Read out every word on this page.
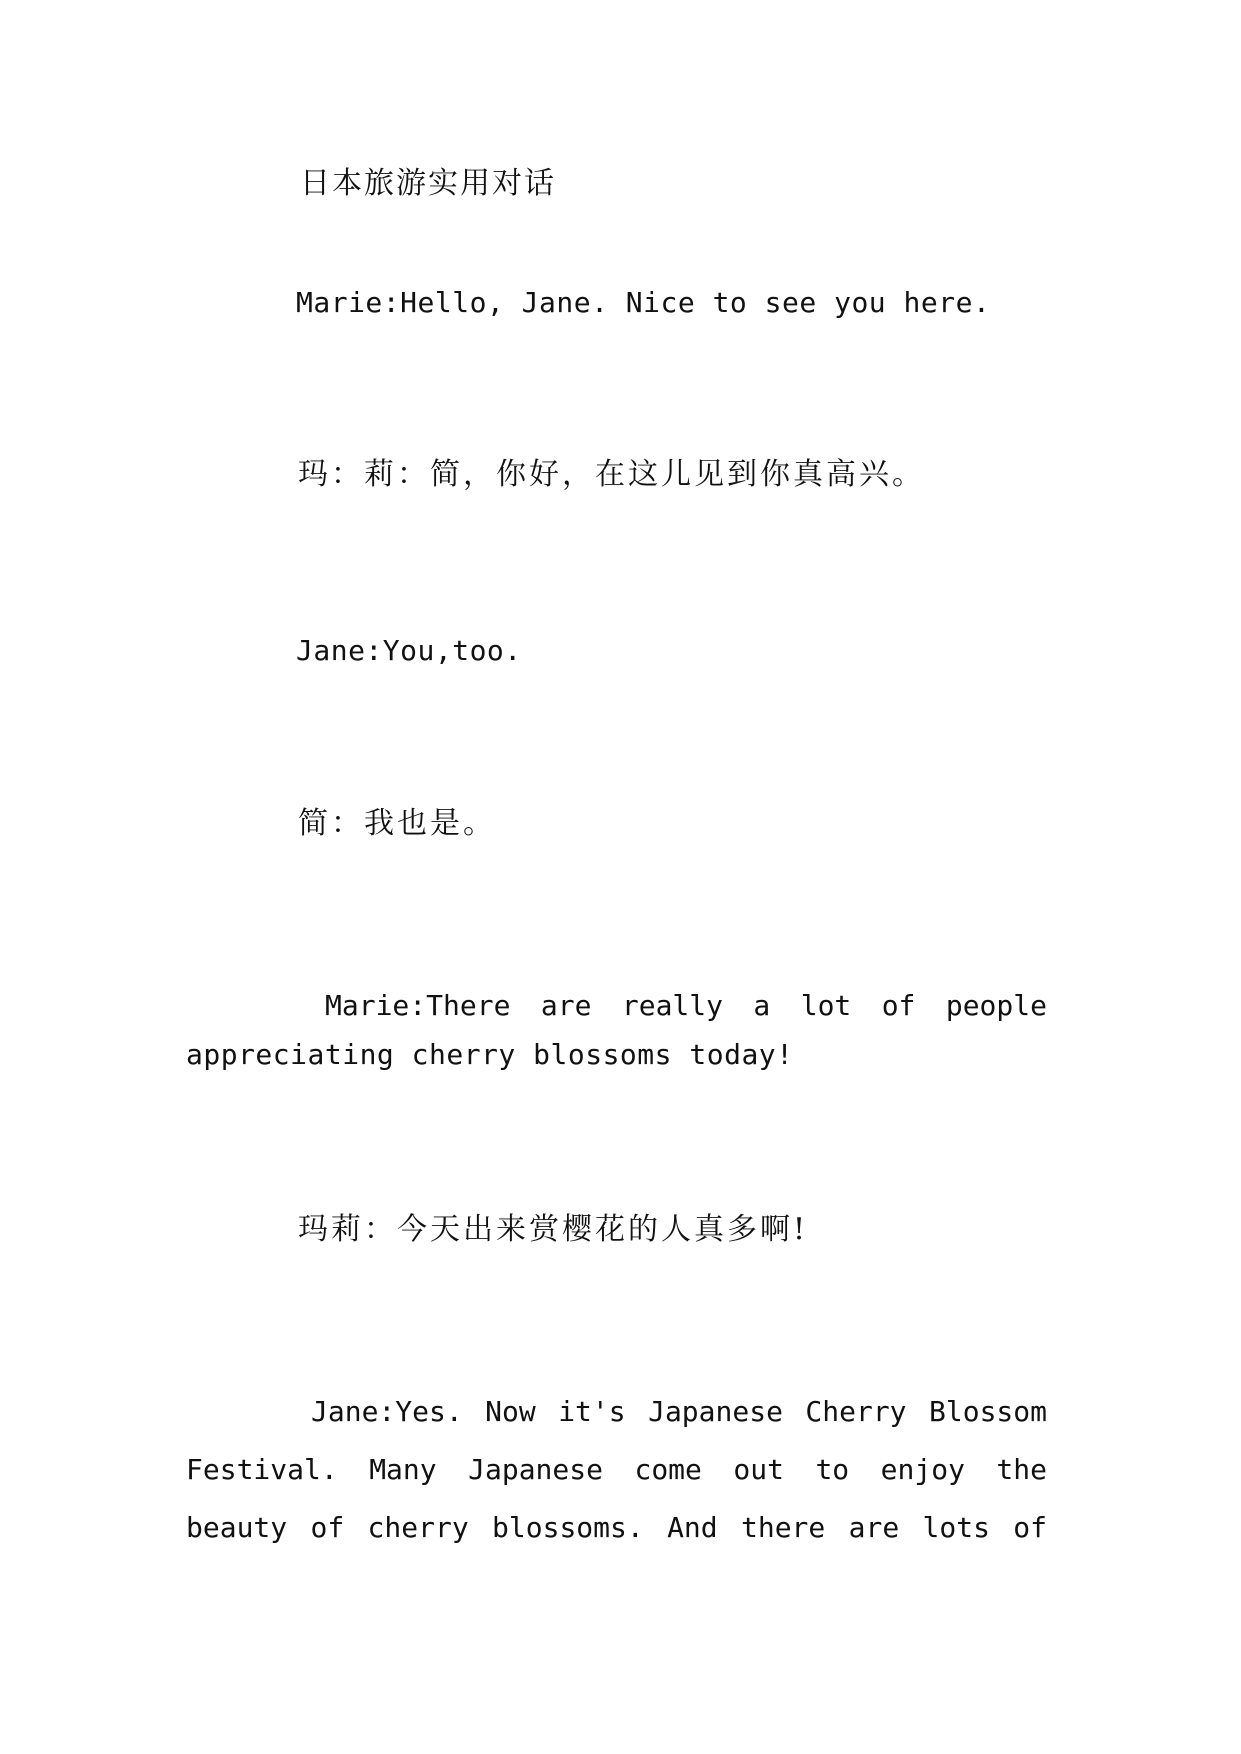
日本旅游实用对话
Marie:Hello, Jane. Nice to see you here.
玛：莉：简，你好，在这儿见到你真高兴。
Jane:You,too.
简：我也是。
Marie:There are really a lot of people
appreciating cherry blossoms today!
玛莉：今天出来赏樱花的人真多啊!
Jane:Yes. Now it's Japanese Cherry Blossom
Festival. Many Japanese come out to enjoy the
beauty of cherry blossoms. And there are lots of
